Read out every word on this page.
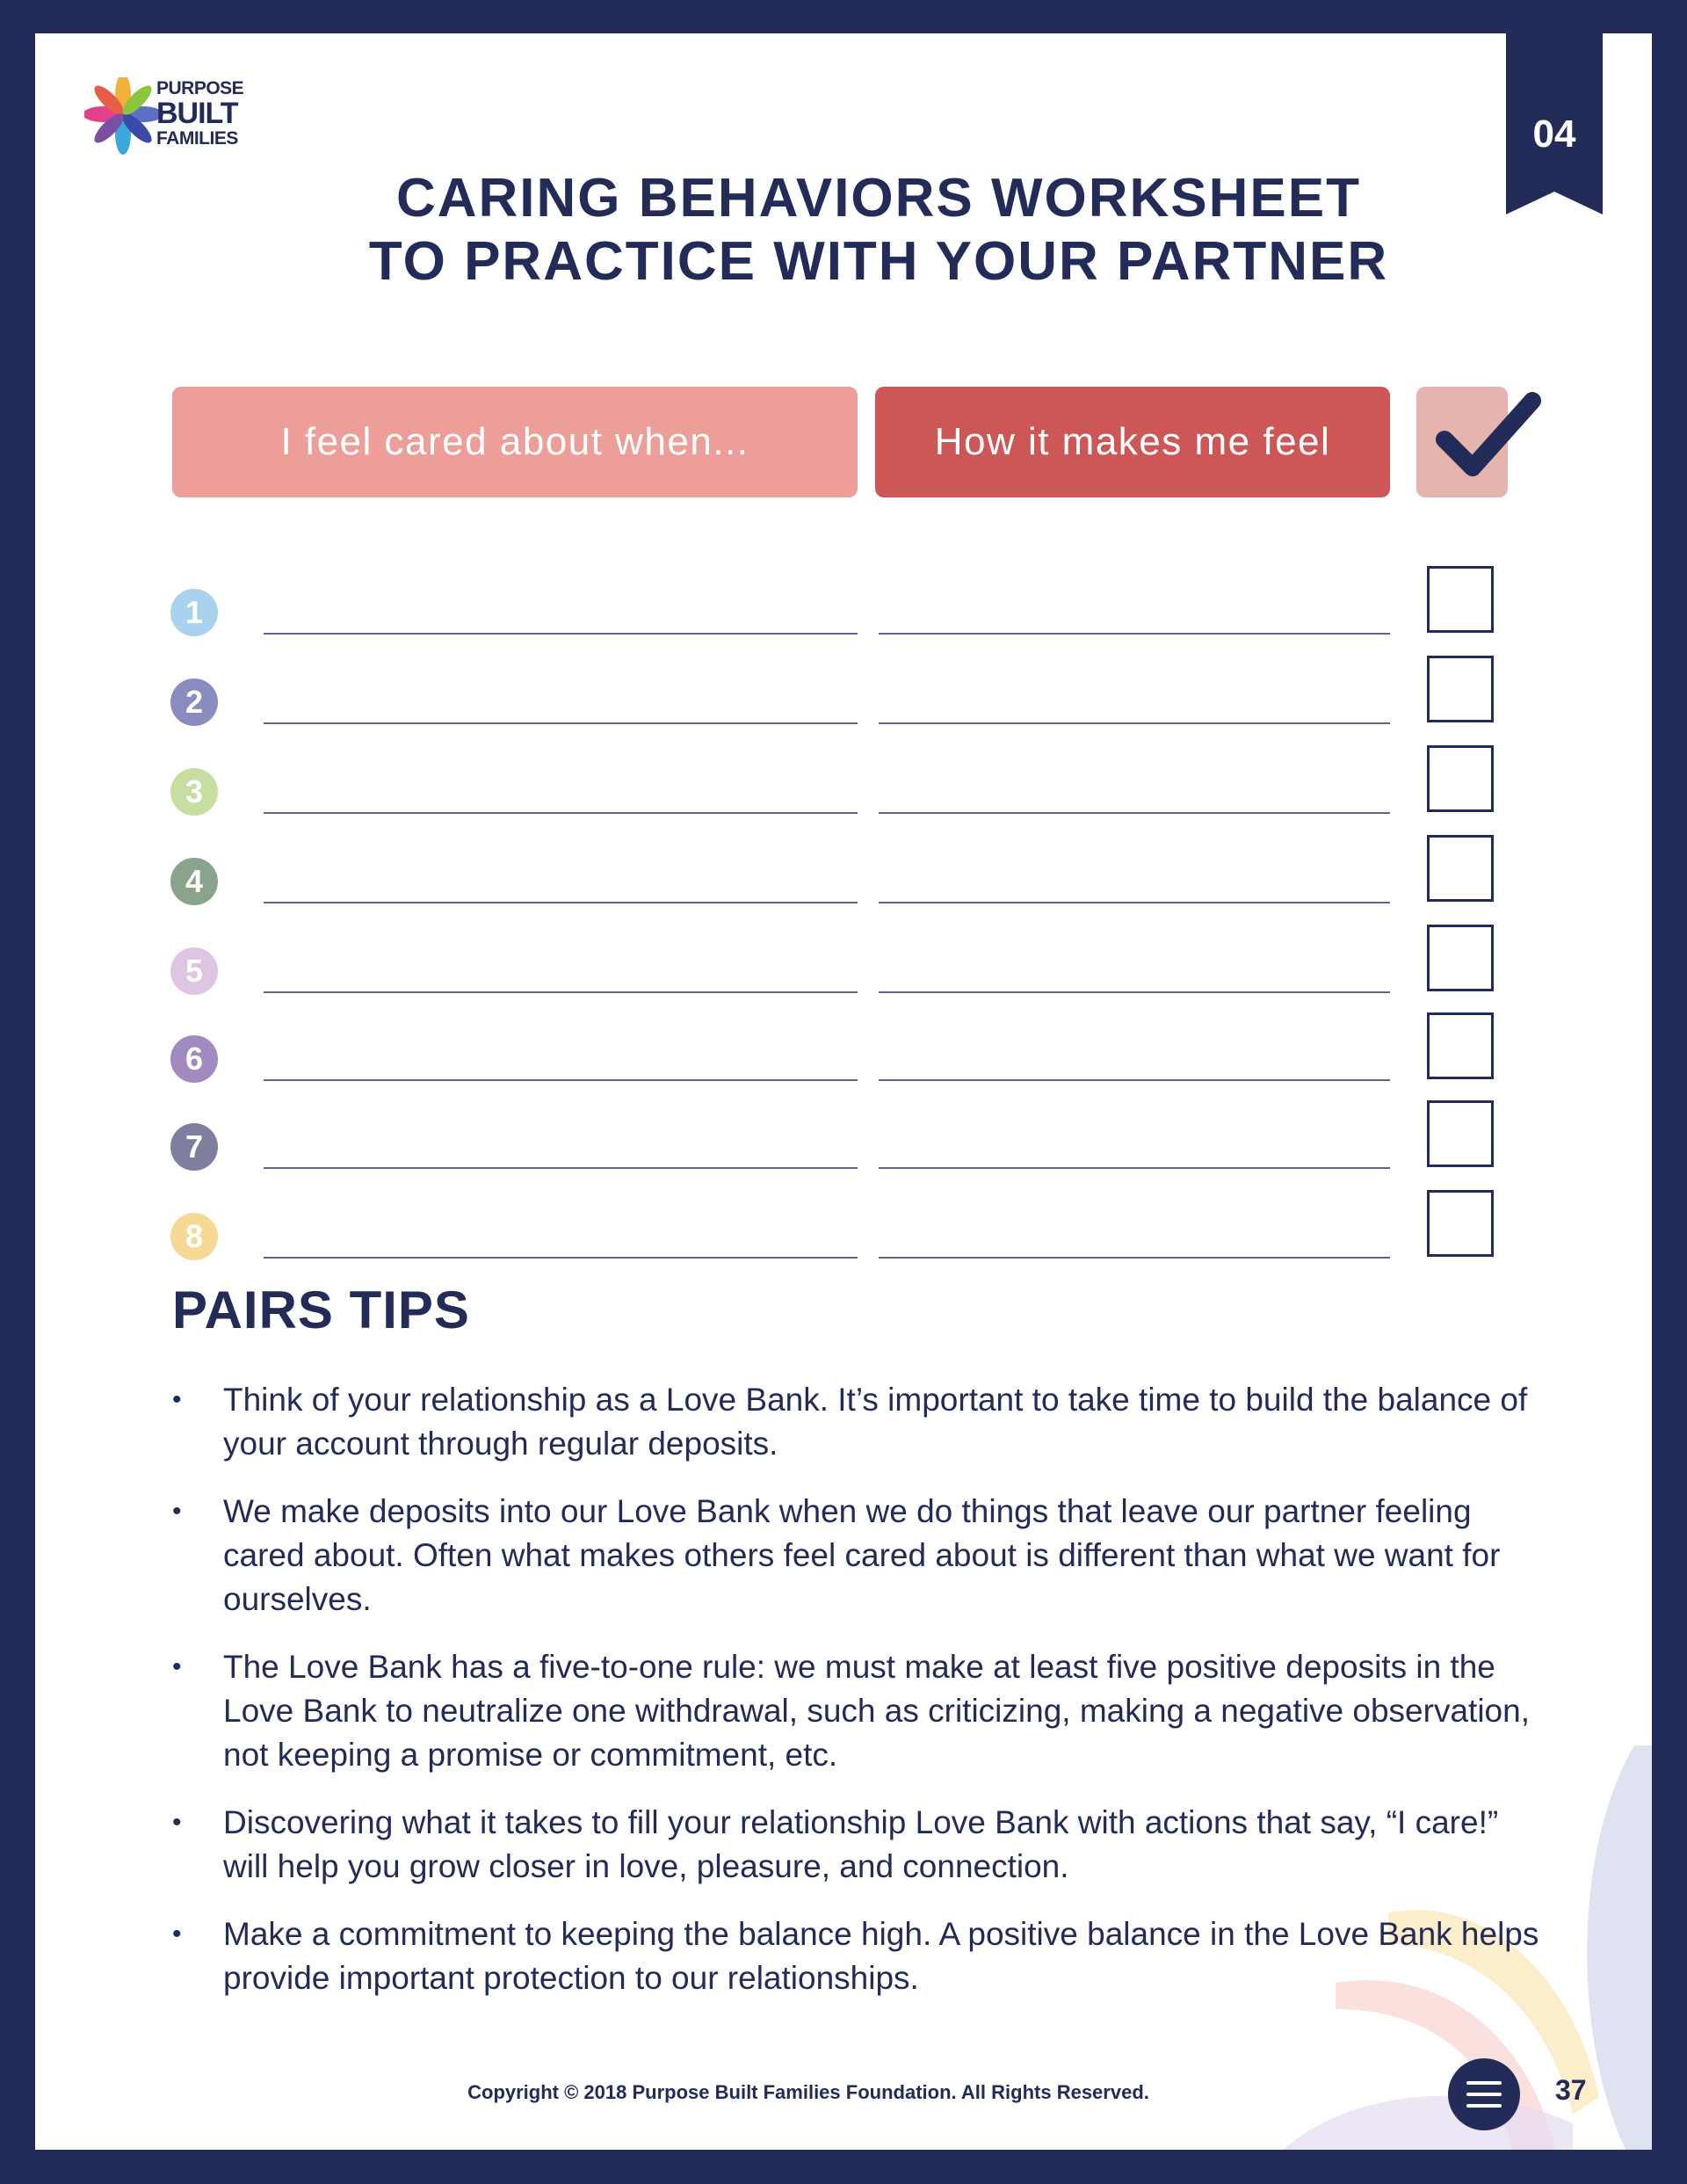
PURPOSE
BUILT
FAMILIES
CARING BEHAVIORS WORKSHEET
TO PRACTICE WITH YOUR PARTNER
04
I feel cared about when...	How it makes me feel
1
2
3
4
5
6
7
8
PAIRS TIPS
• Think of your relationship as a Love Bank. It’s important to take time to build the balance of your account through regular deposits.
• We make deposits into our Love Bank when we do things that leave our partner feeling cared about. Often what makes others feel cared about is different than what we want for ourselves.
• The Love Bank has a five-to-one rule: we must make at least five positive deposits in the Love Bank to neutralize one withdrawal, such as criticizing, making a negative observation, not keeping a promise or commitment, etc.
• Discovering what it takes to fill your relationship Love Bank with actions that say, “I care!” will help you grow closer in love, pleasure, and connection.
• Make a commitment to keeping the balance high. A positive balance in the Love Bank helps provide important protection to our relationships.
Copyright © 2018 Purpose Built Families Foundation. All Rights Reserved.	37
